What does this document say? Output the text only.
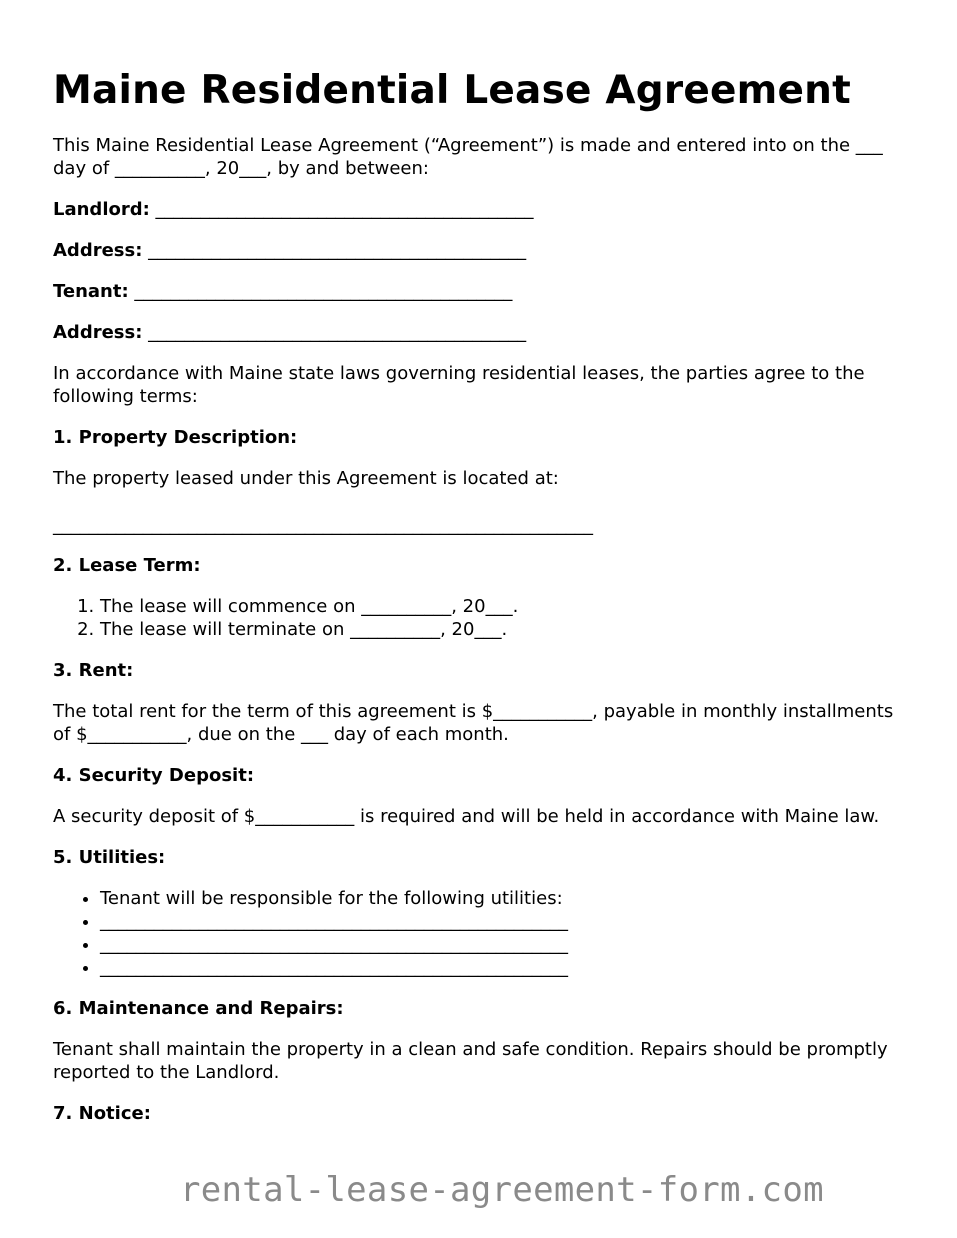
Maine Residential Lease Agreement

This Maine Residential Lease Agreement (“Agreement”) is made and entered into on the ___ day of __________, 20___, by and between:

Landlord: __________________________________________
Address: __________________________________________
Tenant: __________________________________________
Address: __________________________________________

In accordance with Maine state laws governing residential leases, the parties agree to the following terms:

1. Property Description:

The property leased under this Agreement is located at:

____________________________________________________________
2. Lease Term:
1. The lease will commence on __________, 20___.
2. The lease will terminate on __________, 20___.
3. Rent:

The total rent for the term of this agreement is $___________, payable in monthly installments of $___________, due on the ___ day of each month.

4. Security Deposit:

A security deposit of $___________ is required and will be held in accordance with Maine law.

5. Utilities:
• Tenant will be responsible for the following utilities:
• ____________________________________________________
• ____________________________________________________
• ____________________________________________________
6. Maintenance and Repairs:

Tenant shall maintain the property in a clean and safe condition. Repairs should be promptly reported to the Landlord.

7. Notice:
rental-lease-agreement-form.com
